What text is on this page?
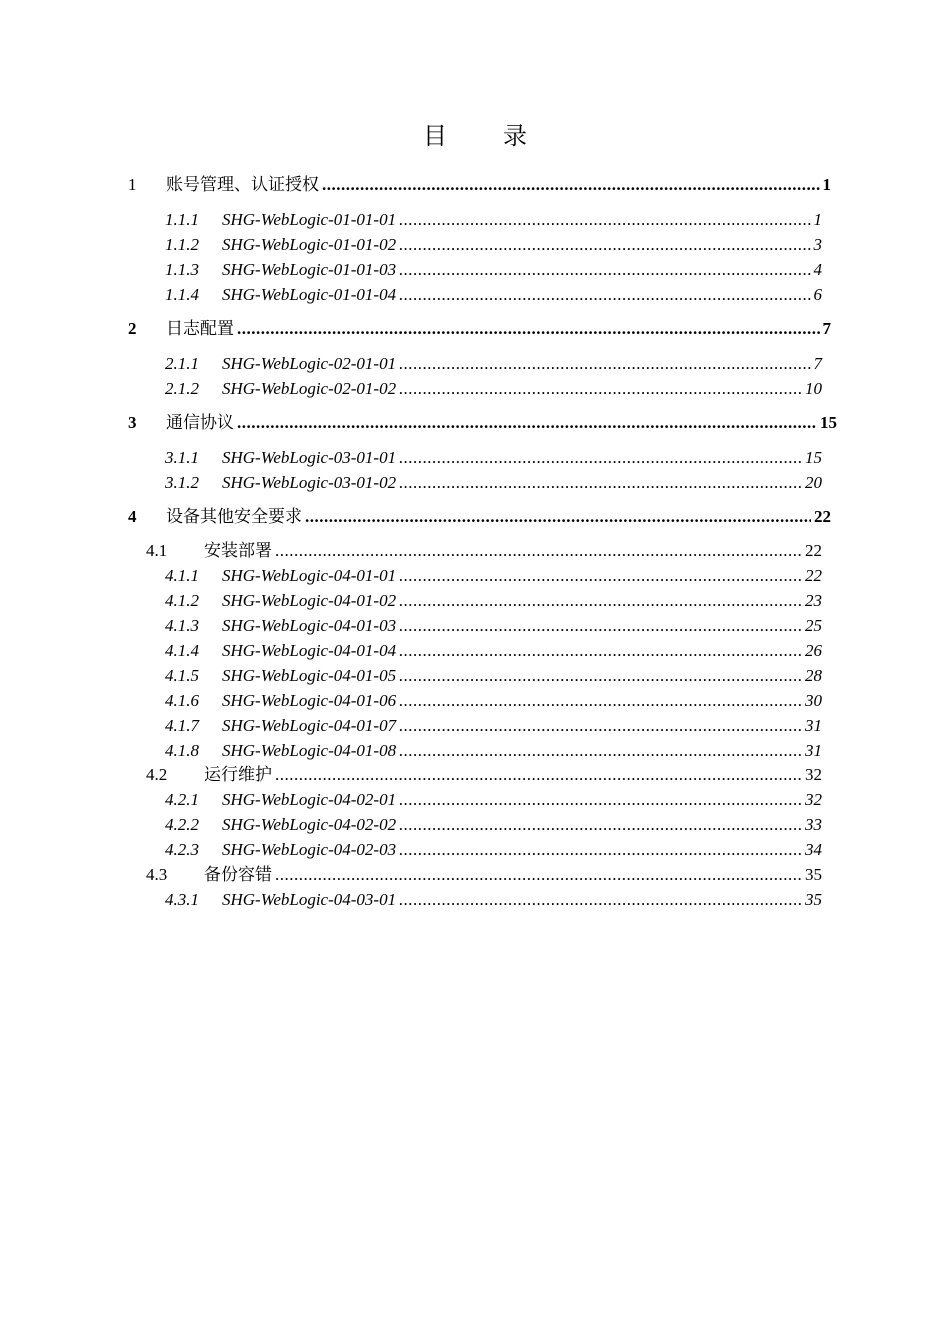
目　录
1	账号管理、认证授权 .....	1
1.1.1	SHG-WebLogic-01-01-01 .....	1
1.1.2	SHG-WebLogic-01-01-02 .....	3
1.1.3	SHG-WebLogic-01-01-03 .....	4
1.1.4	SHG-WebLogic-01-01-04 .....	6
2	日志配置 .....	7
2.1.1	SHG-WebLogic-02-01-01 .....	7
2.1.2	SHG-WebLogic-02-01-02 .....	10
3	通信协议 .....	15
3.1.1	SHG-WebLogic-03-01-01 .....	15
3.1.2	SHG-WebLogic-03-01-02 .....	20
4	设备其他安全要求 .....	22
4.1	安装部署 .....	22
4.1.1	SHG-WebLogic-04-01-01 .....	22
4.1.2	SHG-WebLogic-04-01-02 .....	23
4.1.3	SHG-WebLogic-04-01-03 .....	25
4.1.4	SHG-WebLogic-04-01-04 .....	26
4.1.5	SHG-WebLogic-04-01-05 .....	28
4.1.6	SHG-WebLogic-04-01-06 .....	30
4.1.7	SHG-WebLogic-04-01-07 .....	31
4.1.8	SHG-WebLogic-04-01-08 .....	31
4.2	运行维护 .....	32
4.2.1	SHG-WebLogic-04-02-01 .....	32
4.2.2	SHG-WebLogic-04-02-02 .....	33
4.2.3	SHG-WebLogic-04-02-03 .....	34
4.3	备份容错 .....	35
4.3.1	SHG-WebLogic-04-03-01 .....	35
